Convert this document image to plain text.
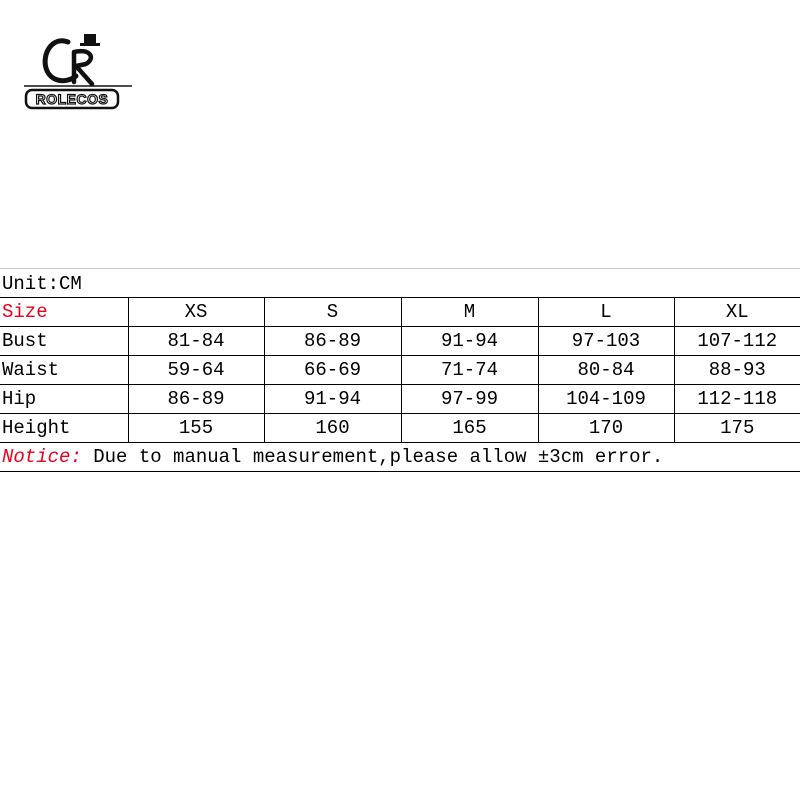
ROLECOS
Unit:CM
Size	XS	S	M	L	XL
Bust	81-84	86-89	91-94	97-103	107-112
Waist	59-64	66-69	71-74	80-84	88-93
Hip	86-89	91-94	97-99	104-109	112-118
Height	155	160	165	170	175
Notice: Due to manual measurement,please allow ±3cm error.
